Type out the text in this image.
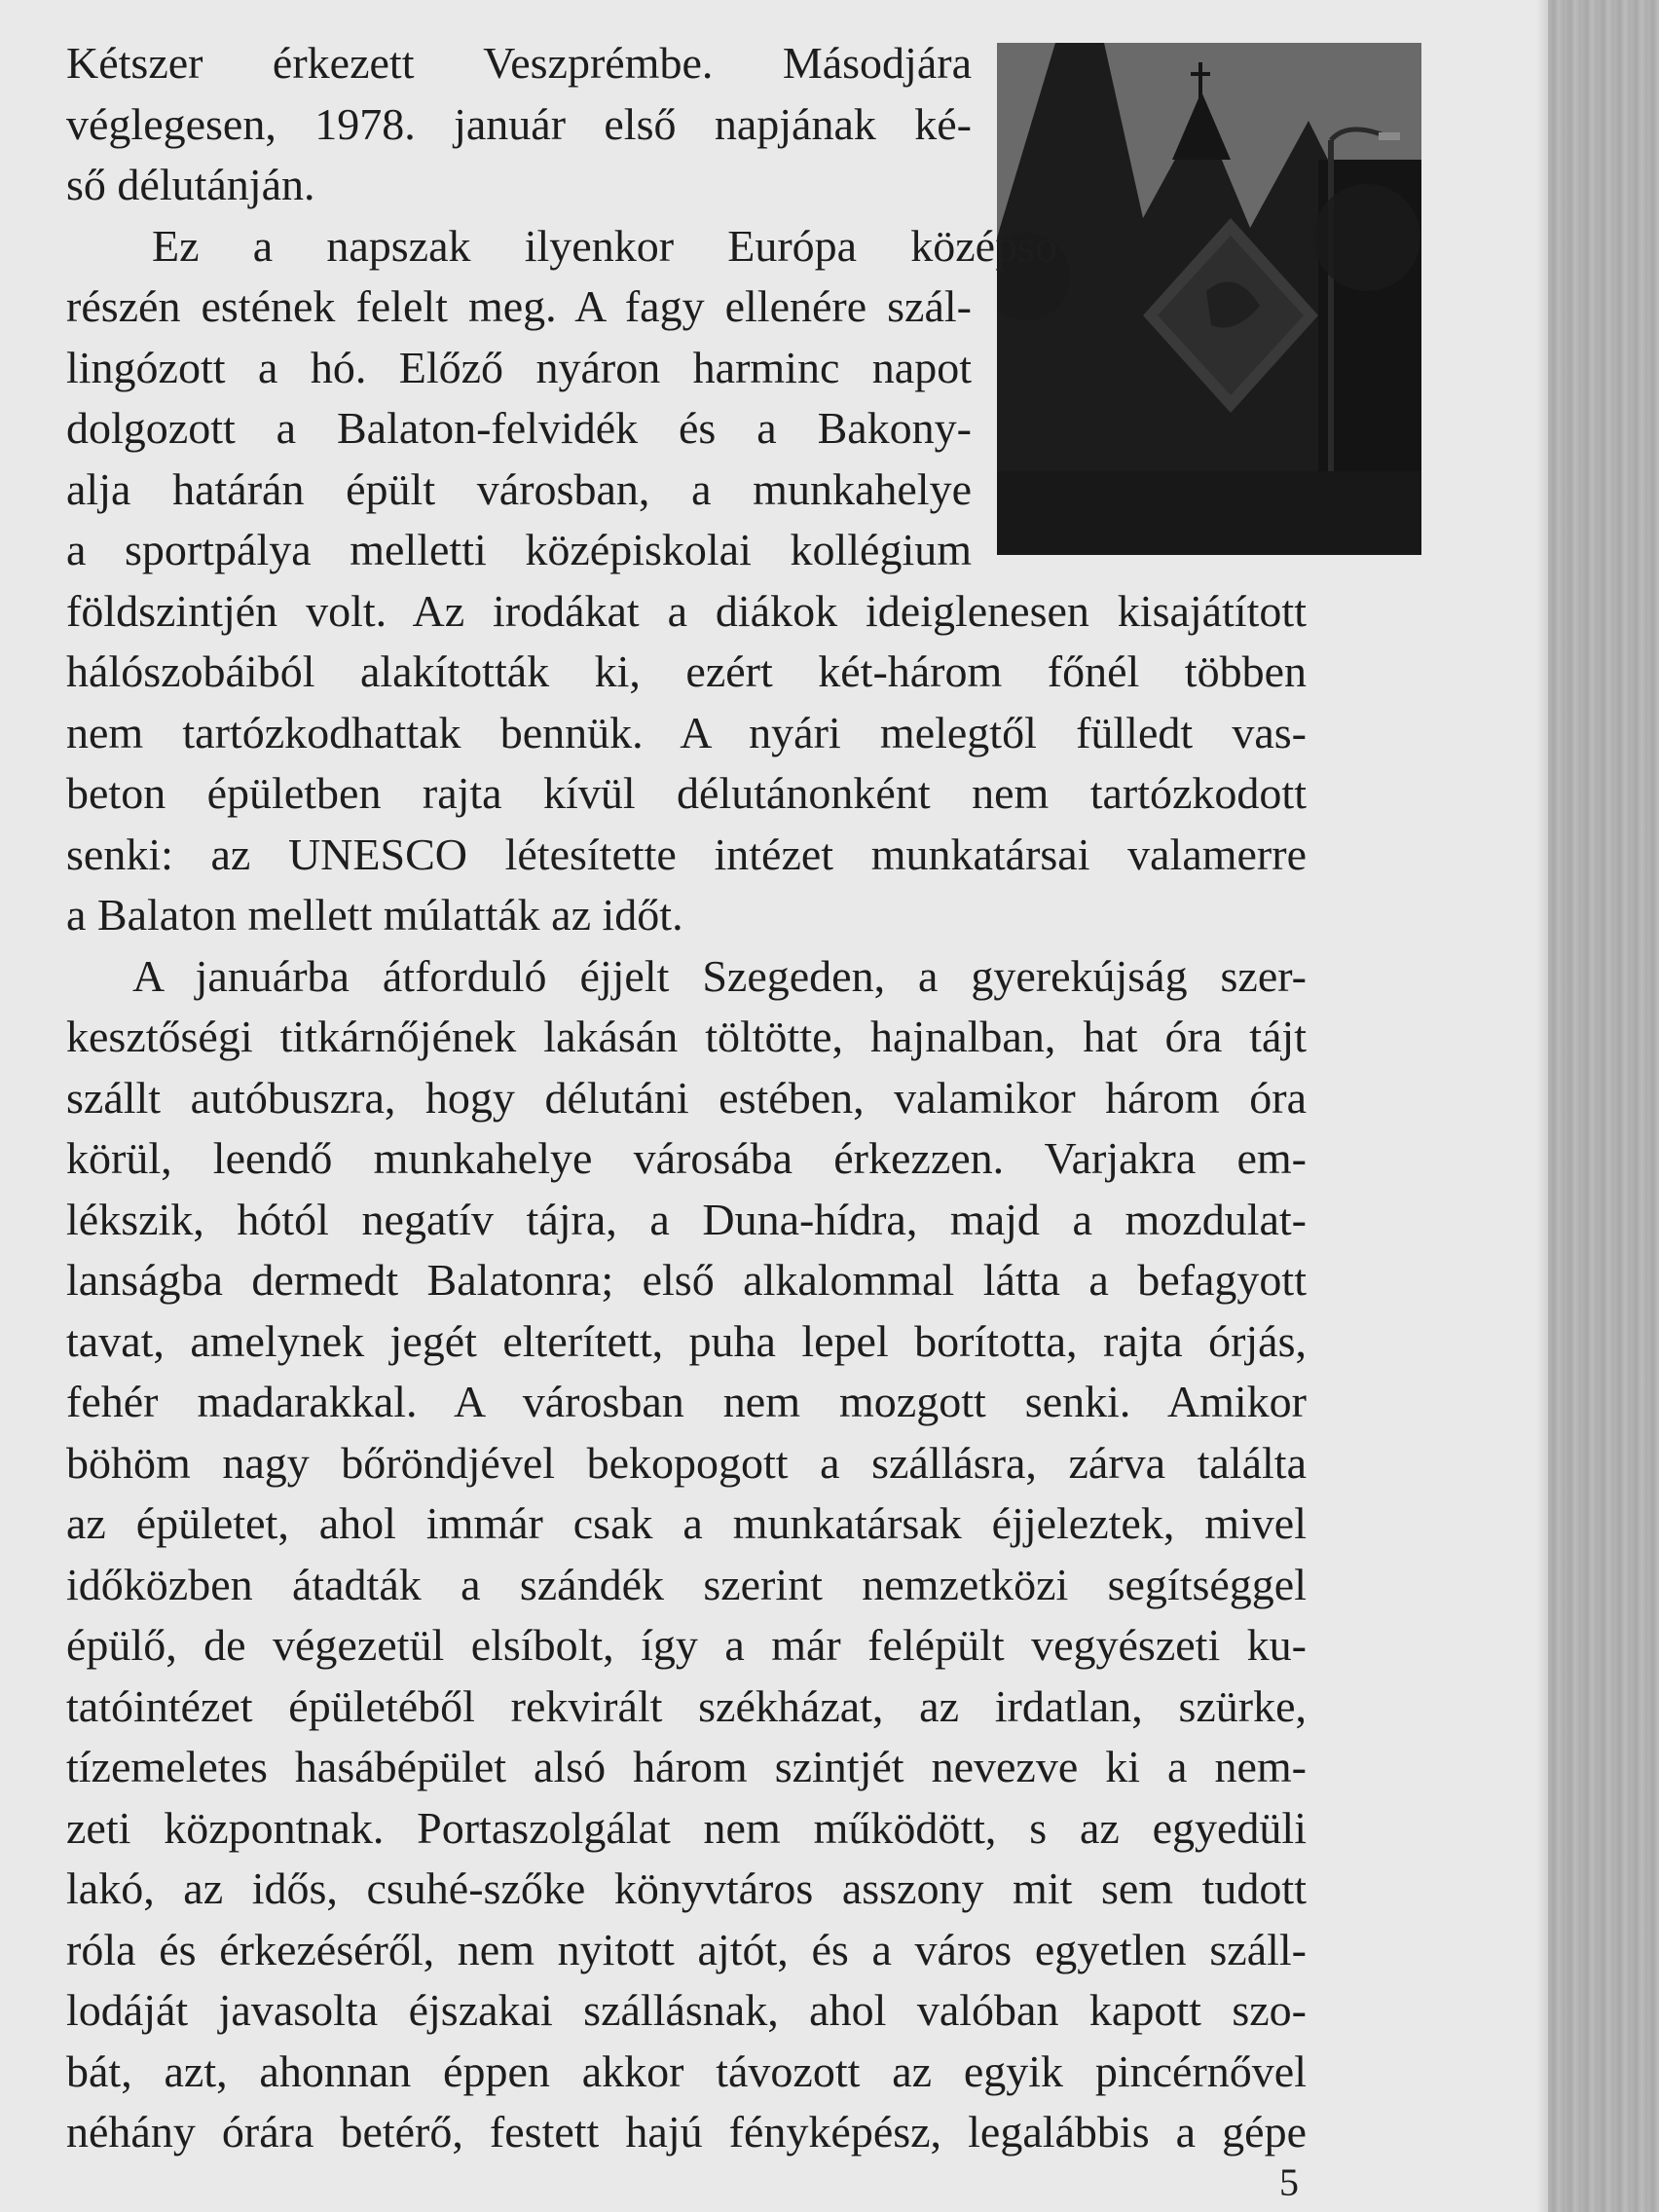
Kétszer érkezett Veszprémbe. Másodjára
véglegesen, 1978. január első napjának ké-
ső délutánján.
Ez a napszak ilyenkor Európa középső
részén estének felelt meg. A fagy ellenére szál-
lingózott a hó. Előző nyáron harminc napot
dolgozott a Balaton-felvidék és a Bakony-
alja határán épült városban, a munkahelye
a sportpálya melletti középiskolai kollégium
földszintjén volt. Az irodákat a diákok ideiglenesen kisajátított
hálószobáiból alakították ki, ezért két-három főnél többen
nem tartózkodhattak bennük. A nyári melegtől fülledt vas-
beton épületben rajta kívül délutánonként nem tartózkodott
senki: az UNESCO létesítette intézet munkatársai valamerre
a Balaton mellett múlatták az időt.
A januárba átforduló éjjelt Szegeden, a gyerekújság szer-
kesztőségi titkárnőjének lakásán töltötte, hajnalban, hat óra tájt
szállt autóbuszra, hogy délutáni estében, valamikor három óra
körül, leendő munkahelye városába érkezzen. Varjakra em-
lékszik, hótól negatív tájra, a Duna-hídra, majd a mozdulat-
lanságba dermedt Balatonra; első alkalommal látta a befagyott
tavat, amelynek jegét elterített, puha lepel borította, rajta órjás,
fehér madarakkal. A városban nem mozgott senki. Amikor
böhöm nagy bőröndjével bekopogott a szállásra, zárva találta
az épületet, ahol immár csak a munkatársak éjjeleztek, mivel
időközben átadták a szándék szerint nemzetközi segítséggel
épülő, de végezetül elsíbolt, így a már felépült vegyészeti ku-
tatóintézet épületéből rekvirált székházat, az irdatlan, szürke,
tízemeletes hasábépület alsó három szintjét nevezve ki a nem-
zeti központnak. Portaszolgálat nem működött, s az egyedüli
lakó, az idős, csuhé-szőke könyvtáros asszony mit sem tudott
róla és érkezéséről, nem nyitott ajtót, és a város egyetlen száll-
lodáját javasolta éjszakai szállásnak, ahol valóban kapott szo-
bát, azt, ahonnan éppen akkor távozott az egyik pincérnővel
néhány órára betérő, festett hajú fényképész, legalábbis a gépe
5
